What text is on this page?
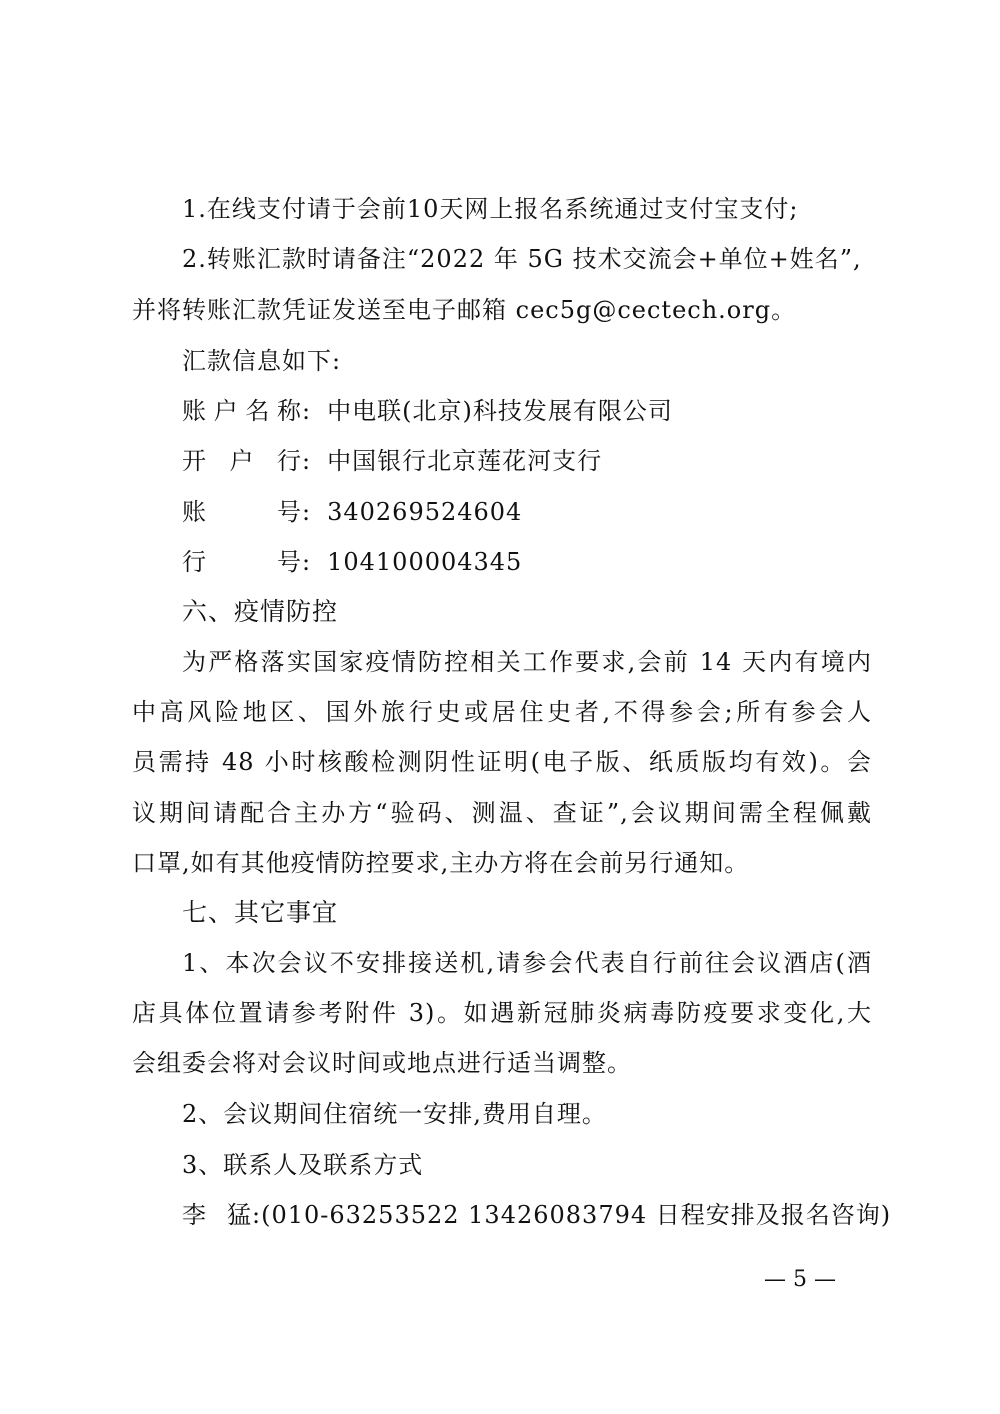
1.在线支付请于会前10天网上报名系统通过支付宝支付;
2.转账汇款时请备注“2022 年 5G 技术交流会+单位+姓名”,
并将转账汇款凭证发送至电子邮箱 cec5g@cectech.org。
汇款信息如下:
账户名称: 中电联(北京)科技发展有限公司
开户行: 中国银行北京莲花河支行
账号: 340269524604
行号: 104100004345
六、疫情防控
为严格落实国家疫情防控相关工作要求,会前 14 天内有境内
中高风险地区、国外旅行史或居住史者,不得参会;所有参会人
员需持 48 小时核酸检测阴性证明(电子版、纸质版均有效)。会
议期间请配合主办方“验码、测温、查证”,会议期间需全程佩戴
口罩,如有其他疫情防控要求,主办方将在会前另行通知。
七、其它事宜
1、本次会议不安排接送机,请参会代表自行前往会议酒店(酒
店具体位置请参考附件 3)。如遇新冠肺炎病毒防疫要求变化,大
会组委会将对会议时间或地点进行适当调整。
2、会议期间住宿统一安排,费用自理。
3、联系人及联系方式
李猛:(010-63253522 13426083794 日程安排及报名咨询)
— 5 —
